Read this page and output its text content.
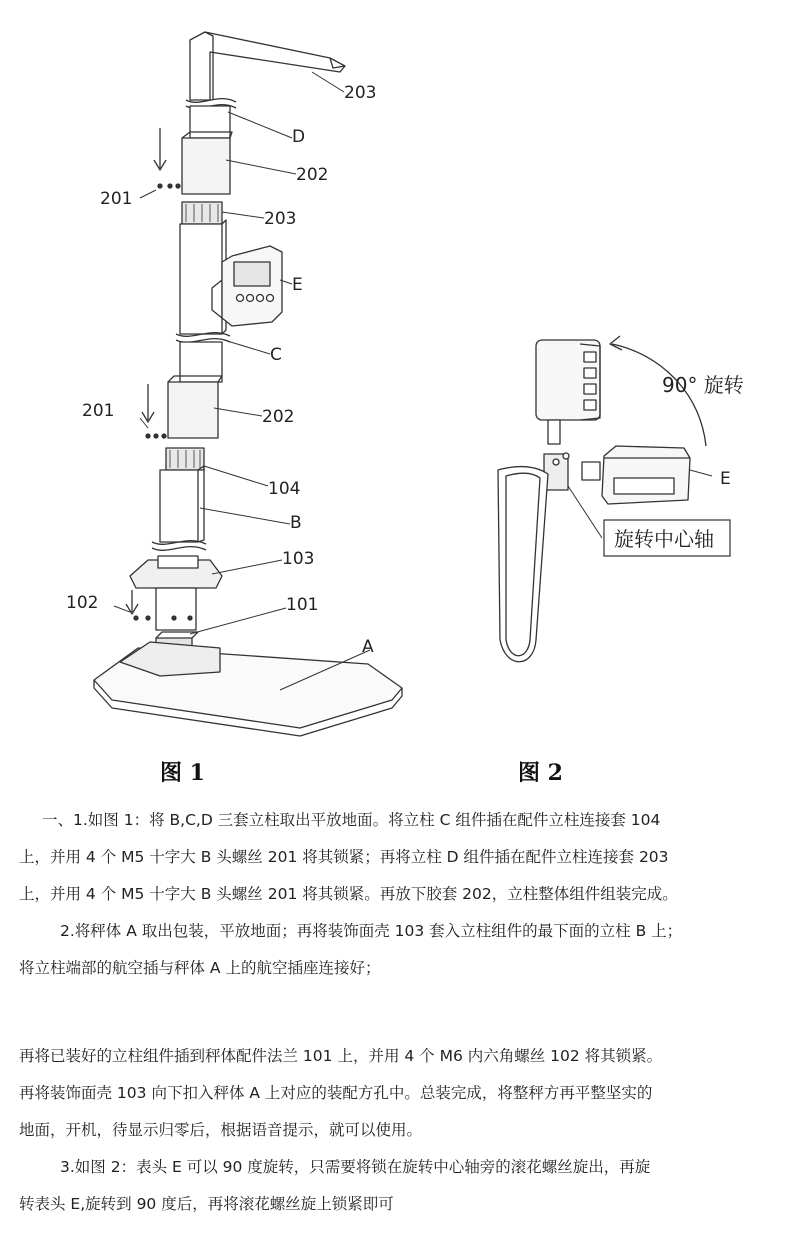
203
D
202
201
203
E
C
201	202
104
B
103
102	101
A
90° 旋转
E
旋转中心轴
图 1	图 2

一、1.如图 1：将 B,C,D 三套立柱取出平放地面。将立柱 C 组件插在配件立柱连接套 104

上，并用 4 个 M5 十字大 B 头螺丝 201 将其锁紧；再将立柱 D 组件插在配件立柱连接套 203

上，并用 4 个 M5 十字大 B 头螺丝 201 将其锁紧。再放下胶套 202，立柱整体组件组装完成。

2.将秤体 A 取出包装，平放地面；再将装饰面壳 103 套入立柱组件的最下面的立柱 B 上；

将立柱端部的航空插与秤体 A 上的航空插座连接好；

再将已装好的立柱组件插到秤体配件法兰 101 上，并用 4 个 M6 内六角螺丝 102 将其锁紧。

再将装饰面壳 103 向下扣入秤体 A 上对应的装配方孔中。总装完成，将整秤方再平整坚实的

地面，开机，待显示归零后，根据语音提示，就可以使用。

3.如图 2：表头 E 可以 90 度旋转，只需要将锁在旋转中心轴旁的滚花螺丝旋出，再旋

转表头 E,旋转到 90 度后，再将滚花螺丝旋上锁紧即可
